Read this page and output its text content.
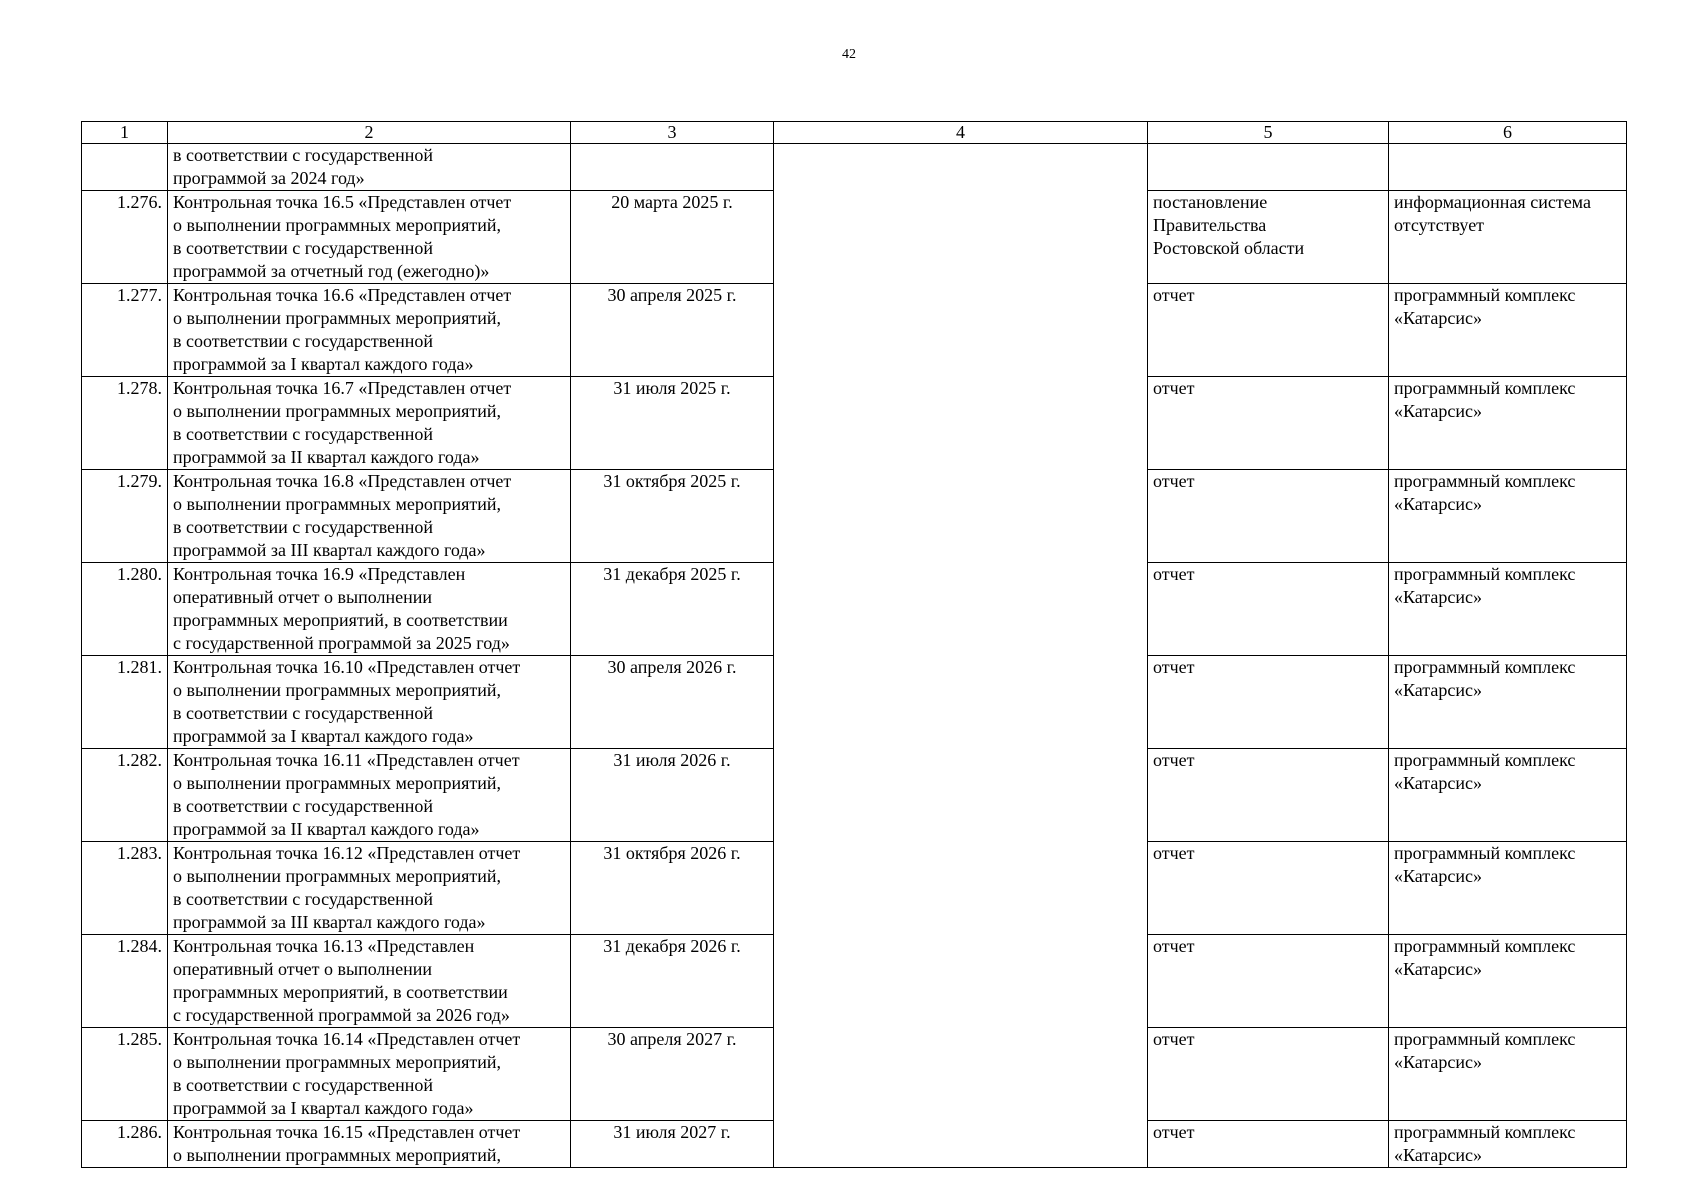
42
1	2	3	4	5	6

	в соответствии с государственной
программой за 2024 год»				

1.276.	Контрольная точка 16.5 «Представлен отчет
о выполнении программных мероприятий,
в соответствии с государственной
программой за отчетный год (ежегодно)»	20 марта 2025 г.		постановление
Правительства
Ростовской области	информационная система
отсутствует

1.277.	Контрольная точка 16.6 «Представлен отчет
о выполнении программных мероприятий,
в соответствии с государственной
программой за I квартал каждого года»	30 апреля 2025 г.		отчет	программный комплекс
«Катарсис»

1.278.	Контрольная точка 16.7 «Представлен отчет
о выполнении программных мероприятий,
в соответствии с государственной
программой за II квартал каждого года»	31 июля 2025 г.		отчет	программный комплекс
«Катарсис»

1.279.	Контрольная точка 16.8 «Представлен отчет
о выполнении программных мероприятий,
в соответствии с государственной
программой за III квартал каждого года»	31 октября 2025 г.		отчет	программный комплекс
«Катарсис»

1.280.	Контрольная точка 16.9 «Представлен
оперативный отчет о выполнении
программных мероприятий, в соответствии
с государственной программой за 2025 год»	31 декабря 2025 г.		отчет	программный комплекс
«Катарсис»

1.281.	Контрольная точка 16.10 «Представлен отчет
о выполнении программных мероприятий,
в соответствии с государственной
программой за I квартал каждого года»	30 апреля 2026 г.		отчет	программный комплекс
«Катарсис»

1.282.	Контрольная точка 16.11 «Представлен отчет
о выполнении программных мероприятий,
в соответствии с государственной
программой за II квартал каждого года»	31 июля 2026 г.		отчет	программный комплекс
«Катарсис»

1.283.	Контрольная точка 16.12 «Представлен отчет
о выполнении программных мероприятий,
в соответствии с государственной
программой за III квартал каждого года»	31 октября 2026 г.		отчет	программный комплекс
«Катарсис»

1.284.	Контрольная точка 16.13 «Представлен
оперативный отчет о выполнении
программных мероприятий, в соответствии
с государственной программой за 2026 год»	31 декабря 2026 г.		отчет	программный комплекс
«Катарсис»

1.285.	Контрольная точка 16.14 «Представлен отчет
о выполнении программных мероприятий,
в соответствии с государственной
программой за I квартал каждого года»	30 апреля 2027 г.		отчет	программный комплекс
«Катарсис»

1.286.	Контрольная точка 16.15 «Представлен отчет
о выполнении программных мероприятий,	31 июля 2027 г.		отчет	программный комплекс
«Катарсис»
